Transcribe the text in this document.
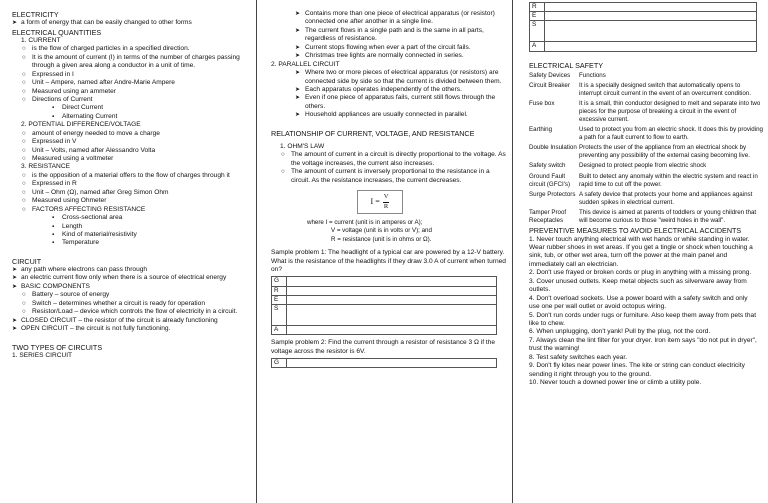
ELECTRICITY

➤ a form of energy that can be easily changed to other forms

ELECTRICAL QUANTITIES

1. CURRENT

○ is the flow of charged particles in a specified direction.

○ It is the amount of current (I) in terms of the number of charges passing through a given area along a conductor in a unit of time.

○ Expressed in I

○ Unit – Ampere, named after Andre-Marie Ampere

○ Measured using an ammeter

○ Directions of Current

▪ Direct Current

▪ Alternating Current

2. POTENTIAL DIFFERENCE/VOLTAGE

○ amount of energy needed to move a charge

○ Expressed in V

○ Unit – Volts, named after Alessandro Volta

○ Measured using a voltmeter

3. RESISTANCE

○ is the opposition of a material offers to the flow of charges through it

○ Expressed in R

○ Unit – Ohm (Ω), named after Greg Simon Ohm

○ Measured using Ohmeter

○ FACTORS AFFECTING RESISTANCE

▪ Cross-sectional area

▪ Length

▪ Kind of material/resistivity

▪ Temperature

CIRCUIT

➤ any path where electrons can pass through

➤ an electric current flow only when there is a source of electrical energy

➤ BASIC COMPONENTS

○ Battery – source of energy

○ Switch – determines whether a circuit is ready for operation

○ Resistor/Load – device which controls the flow of electricity in a circuit.

➤ CLOSED CIRCUIT – the resistor of the circuit is already functioning

➤ OPEN CIRCUIT – the circuit is not fully functioning.

TWO TYPES OF CIRCUITS

1. SERIES CIRCUIT

➤ Contains more than one piece of electrical apparatus (or resistor) connected one after another in a single line.

➤ The current flows in a single path and is the same in all parts, regardless of resistance.

➤ Current stops flowing when ever a part of the circuit fails.

➤ Christmas tree lights are normally connected in series.

2. PARALLEL CIRCUIT

➤ Where two or more pieces of electrical apparatus (or resistors) are connected side by side so that the current is divided between them.

➤ Each apparatus operates independently of the others.

➤ Even if one piece of apparatus fails, current still flows through the others.

➤ Household appliances are usually connected in parallel.

RELATIONSHIP OF CURRENT, VOLTAGE, AND RESISTANCE

1. OHM'S LAW

○ The amount of current in a circuit is directly proportional to the voltage. As the voltage increases, the current also increases.

○ The amount of current is inversely proportional to the resistance in a circuit. As the resistance increases, the current decreases.

$I = \frac{V}{R}$

where I = current (unit is in amperes or A);

V = voltage (unit is in volts or V); and

R = resistance (unit is in ohms or Ω).

Sample problem 1: The headlight of a typical car are powered by a 12-V battery. What is the resistance of the headlights if they draw 3.0 A of current when turned on?

G	
R	
E	
S	
A	

Sample problem 2: Find the current through a resistor of resistance 3 Ω if the voltage across the resistor is 6V.

G	
R	
E	
S	
A	

ELECTRICAL SAFETY

Safety Devices	Functions
Circuit Breaker	It is a specially designed switch that automatically opens to interrupt circuit current in the event of an overcurrent condition.
Fuse box	It is a small, thin conductor designed to melt and separate into two pieces for the purpose of breaking a circuit in the event of excessive current.
Earthing	Used to protect you from an electric shock. It does this by providing a path for a fault current to flow to earth.
Double Insulation	Protects the user of the appliance from an electrical shock by preventing any possibility of the external casing becoming live.
Safety switch	Designed to protect people from electric shock
Ground Fault circuit (GFCI's)	Built to detect any anomaly within the electric system and react in rapid time to cut off the power.
Surge Protectors	A safety device that protects your home and appliances against sudden spikes in electrical current.
Tamper Proof Receptacles	This device is aimed at parents of toddlers or young children that will become curious to those "weird holes in the wall".

PREVENTIVE MEASURES TO AVOID ELECTRICAL ACCIDENTS

1. Never touch anything electrical with wet hands or while standing in water. Wear rubber shoes in wet areas. If you get a tingle or shock when touching a sink, tub, or other wet area, turn off the power at the main panel and immediately call an electrician.

2. Don't use frayed or broken cords or plug in anything with a missing prong.

3. Cover unused outlets. Keep metal objects such as silverware away from outlets.

4. Don't overload sockets. Use a power board with a safety switch and only use one per wall outlet or avoid octopus wiring.

5. Don't run cords under rugs or furniture. Also keep them away from pets that like to chew.

6. When unplugging, don't yank! Pull by the plug, not the cord.

7. Always clean the lint filter for your dryer. Iron item says "do not put in dryer", trust the warning!

8. Test safety switches each year.

9. Don't fly kites near power lines. The kite or string can conduct electricity sending it right through you to the ground.

10. Never touch a downed power line or climb a utility pole.
